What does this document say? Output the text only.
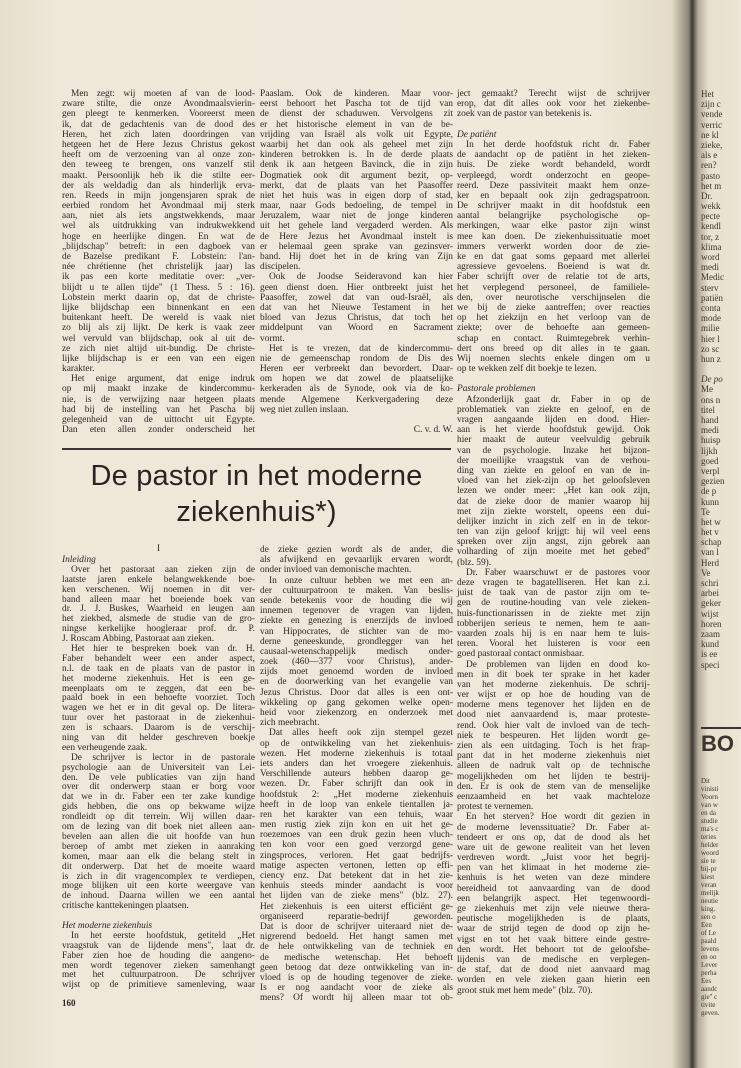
Men zegt: wij moeten af van de lood-
zware stilte, die onze Avondmaalsvierin-
gen pleegt te kenmerken. Vooreerst meen
ik, dat de gedachtenis van de dood des
Heren, het zich laten doordringen van
hetgeen het de Here Jezus Christus gekost
heeft om de verzoening van al onze zon-
den teweeg te brengen, ons vanzelf stil
maakt. Persoonlijk heb ik die stilte eer-
der als weldadig dan als hinderlijk erva-
ren. Reeds in mijn jongensjaren sprak de
eerbied rondom het Avondmaal mij sterk
aan, niet als iets angstwekkends, maar
wel als uitdrukking van indrukwekkend
hoge en heerlijke dingen. En wat de
„blijdschap" betreft: in een dagboek van
de Bazelse predikant F. Lobstein: l'an-
née chrétienne (het christelijk jaar) las
ik pas een korte meditatie over: „ver-
blijdt u te allen tijde" (1 Thess. 5 : 16).
Lobstein merkt daarin op, dat de christe-
lijke blijdschap een binnenkant en een
buitenkant heeft. De wereld is vaak niet
zo blij als zij lijkt. De kerk is vaak zeer
wel vervuld van blijdschap, ook al uit de-
ze zich niet altijd uit-bundig. De christe-
lijke blijdschap is er een van een eigen
karakter.
Het enige argument, dat enige indruk
op mij maakt inzake de kindercommu-
nie, is de verwijzing naar hetgeen plaats
had bij de instelling van het Pascha bij
gelegenheid van de uittocht uit Egypte.
Dan eten allen zonder onderscheid het
Paaslam. Ook de kinderen. Maar voor-
eerst behoort het Pascha tot de tijd van
de dienst der schaduwen. Vervolgens zit
er het historische element in van de be-
vrijding van Israël als volk uit Egypte,
waarbij het dan ook als geheel met zijn
kinderen betrokken is. In de derde plaats
denk ik aan hetgeen Bavinck, die in zijn
Dogmatiek ook dit argument bezit, op-
merkt, dat de plaats van het Paasoffer
niet het huis was in eigen dorp of stad,
maar, naar Gods bedoeling, de tempel in
Jeruzalem, waar niet de jonge kinderen
uit het gehele land vergaderd werden. Als
de Here Jezus het Avondmaal instelt is
er helemaal geen sprake van gezinsver-
band. Hij doet het in de kring van Zijn
discipelen.
Ook de Joodse Seideravond kan hier
geen dienst doen. Hier ontbreekt juist het
Paasoffer, zowel dat van oud-Israël, als
dat van het Nieuwe Testament in het
bloed van Jezus Christus, dat toch het
middelpunt van Woord en Sacrament
vormt.
Het is te vrezen, dat de kindercommu-
nie de gemeenschap rondom de Dis des
Heren eer verbreekt dan bevordert. Daar-
om hopen we dat zowel de plaatselijke
kerkeraden als de Synode, ook via de ko-
mende Algemene Kerkvergadering deze
weg niet zullen inslaan.
C. v. d. W.
ject gemaakt? Terecht wijst de schrijver
erop, dat dit alles ook voor het ziekenbe-
zoek van de pastor van betekenis is.
De patiënt
In het derde hoofdstuk richt dr. Faber
de aandacht op de patiënt in het zieken-
huis. De zieke wordt behandeld, wordt
verpleegd, wordt onderzocht en geope-
reerd. Deze passiviteit maakt hem onze-
ker en bepaalt ook zijn gedragspatroon.
De schrijver maakt in dit hoofdstuk een
aantal belangrijke psychologische op-
merkingen, waar elke pastor zijn winst
mee kan doen. De ziekenhuissituatie moet
immers verwerkt worden door de zie-
ke en dat gaat soms gepaard met allerlei
agressieve gevoelens. Boeiend is wat dr.
Faber schrijft over de relatie tot de arts,
het verplegend personeel, de familiele-
den, over neurotische verschijnselen die
we bij de zieke aantreffen; over reacties
op het ziekzijn en het verloop van de
ziekte; over de behoefte aan gemeen-
schap en contact. Ruimtegebrek verhin-
dert ons breed op dit alles in te gaan.
Wij noemen slechts enkele dingen om u
op te wekken zelf dit boekje te lezen.
Pastorale problemen
Afzonderlijk gaat dr. Faber in op de
problematiek van ziekte en geloof, en de
vragen aangaande lijden en dood. Hier-
aan is het vierde hoofdstuk gewijd. Ook
hier maakt de auteur veelvuldig gebruik
van de psychologie. Inzake het bijzon-
der moeilijke vraagstuk van de verhou-
ding van ziekte en geloof en van de in-
vloed van het ziek-zijn op het geloofsleven
lezen we onder meer: „Het kan ook zijn,
dat de zieke door de manier waarop hij
met zijn ziekte worstelt, opeens een dui-
delijker inzicht in zich zelf en in de tekor-
ten van zijn geloof krijgt: hij wil veel eens
spreken over zijn angst, zijn gebrek aan
volharding of zijn moeite met het gebed"
(blz. 59).
Dr. Faber waarschuwt er de pastores voor
deze vragen te bagatelliseren. Het kan z.i.
juist de taak van de pastor zijn om te-
gen de routine-houding van vele zieken-
huis-functionarissen in de ziekte met zijn
tobberijen serieus te nemen, hem te aan-
vaarden zoals hij is en naar hem te luis-
teren. Vooral het luisteren is voor een
goed pastoraal contact onmisbaar.
De problemen van lijden en dood ko-
men in dit boek ter sprake in het kader
van het moderne ziekenhuis. De schrij-
ver wijst er op hoe de houding van de
moderne mens tegenover het lijden en de
dood niet aanvaardend is, maar proteste-
rend. Ook hier valt de invloed van de tech-
niek te bespeuren. Het lijden wordt ge-
zien als een uitdaging. Toch is het frap-
pant dat in het moderne ziekenhuis niet
alleen de nadruk valt op de technische
mogelijkheden om het lijden te bestrij-
den. Er is ook de stem van de menselijke
eenzaamheid en het vaak machteloze
protest te vernemen.
En het sterven? Hoe wordt dit gezien in
de moderne levenssituatie? Dr. Faber at-
tendeert er ons op, dat de dood als het
ware uit de gewone realiteit van het leven
verdreven wordt. „Juist voor het begrij-
pen van het klimaat in het moderne zie-
kenhuis is het weten van deze mindere
bereidheid tot aanvaarding van de dood
een belangrijk aspect. Het tegenwoordi-
ge ziekenhuis met zijn vele nieuwe thera-
peutische mogelijkheden is de plaats,
waar de strijd tegen de dood op zijn he-
vigst en tot het vaak bittere einde gestre-
den wordt. Het behoort tot de geloofsbe-
lijdenis van de medische en verplegen-
de staf, dat de dood niet aanvaard mag
worden en vele zieken gaan hierin een
groot stuk met hem mede" (blz. 70).
De pastor in het moderne
ziekenhuis*)
I
Inleiding
Over het pastoraat aan zieken zijn de
laatste jaren enkele belangwekkende boe-
ken verschenen. Wij noemen in dit ver-
band alleen maar het boeiende boek van
dr. J. J. Buskes, Waarheid en leugen aan
het ziekbed, alsmede de studie van de gro-
ningse kerkelijke hoogleraar prof. dr. P.
J. Roscam Abbing, Pastoraat aan zieken.
Het hier te bespreken boek van dr. H.
Faber behandelt weer een ander aspect,
n.l. de taak en de plaats van de pastor in
het moderne ziekenhuis. Het is een ge-
meenplaats om te zeggen, dat een be-
paald boek in een behoefte voorziet. Toch
wagen we het er in dit geval op. De litera-
tuur over het pastoraat in de ziekenhui-
zen is schaars. Daarom is de verschij-
ning van dit helder geschreven boekje
een verheugende zaak.
De schrijver is lector in de pastorale
psychologie aan de Universiteit van Lei-
den. De vele publicaties van zijn hand
over dit onderwerp staan er borg voor
dat we in dr. Faber een ter zake kundige
gids hebben, die ons op bekwame wijze
rondleidt op dit terrein. Wij willen daar-
om de lezing van dit boek niet alleen aan-
bevelen aan allen die uit hoofde van hun
beroep of ambt met zieken in aanraking
komen, maar aan elk die belang stelt in
dit onderwerp. Dat het de moeite waard
is zich in dit vragencomplex te verdiepen,
moge blijken uit een korte weergave van
de inhoud. Daarna willen we een aantal
critische kanttekeningen plaatsen.
Het moderne ziekenhuis
In het eerste hoofdstuk, getiteld „Het
vraagstuk van de lijdende mens", laat dr.
Faber zien hoe de houding die aangeno-
men wordt tegenover zieken samenhangt
met het cultuurpatroon. De schrijver
wijst op de primitieve samenleving, waar
de zieke gezien wordt als de ander, die
als afwijkend en gevaarlijk ervaren wordt,
onder invloed van demonische machten.
In onze cultuur hebben we met een an-
der cultuurpatroon te maken. Van beslis-
sende betekenis voor de houding die wij
innemen tegenover de vragen van lijden,
ziekte en genezing is enerzijds de invloed
van Hippocrates, de stichter van de mo-
derne geneeskunde, grondlegger van het
causaal-wetenschappelijk medisch onder-
zoek (460—377 voor Christus), ander-
zijds moet genoemd worden de invloed
en de doorwerking van het evangelie van
Jezus Christus. Door dat alles is een ont-
wikkeling op gang gekomen welke open-
heid voor ziekenzorg en onderzoek met
zich meebracht.
Dat alles heeft ook zijn stempel gezet
op de ontwikkeling van het ziekenhuis-
wezen. Het moderne ziekenhuis is totaal
iets anders dan het vroegere ziekenhuis.
Verschillende auteurs hebben daarop ge-
wezen. Dr. Faber schrijft dan ook in
hoofdstuk 2: „Het moderne ziekenhuis
heeft in de loop van enkele tientallen ja-
ren het karakter van een tehuis, waar
men rustig ziek zijn kon en uit het ge-
roezemoes van een druk gezin heen vluch-
ten kon voor een goed verzorgd gene-
zingsproces, verloren. Het gaat bedrijfs-
matige aspecten vertonen, letten op effi-
ciency enz. Dat betekent dat in het zie-
kenhuis steeds minder aandacht is voor
het lijden van de zieke mens" (blz. 27).
Het ziekenhuis is een uiterst efficiënt ge-
organiseerd reparatie-bedrijf geworden.
Dat is door de schrijver uiteraard niet de-
nigrerend bedoeld. Het hangt samen met
de hele ontwikkeling van de techniek en
de medische wetenschap. Het behoeft
geen betoog dat deze ontwikkeling van in-
vloed is op de houding tegenover de zieke.
Is er nog aandacht voor de zieke als
mens? Of wordt hij alleen maar tot ob-
160
Het
zijn c
vende
verric
ne kl
zieke,
als e
ren?
pasto
het m
Dr.
wekk
pecte
kendl
tor, z
klima
word
medi
Medic
sterv
patiën
conta
mode
milie
hier l
zo sc
hun z
De po
Me
ons n
titel
hand
medi
huisp
lijkh
goed
verpl
gezien
de p
kunn
Te
het w
het v
schap
van l
Herd
Ve
schri
arbei
geker
wijst
horen
zaam
kund
is ee
speci
BO
Dit
vinisti
Voorn
van w
en da
studie
ma's c
teries
helder
woord
sie te
bij-pr
kiest
veran
melijk
neutie
king.
sen o
Een
of Le
paald
levens
en oo
Lever
perha
Ees
aandc
gie" c
tivite
geven.
